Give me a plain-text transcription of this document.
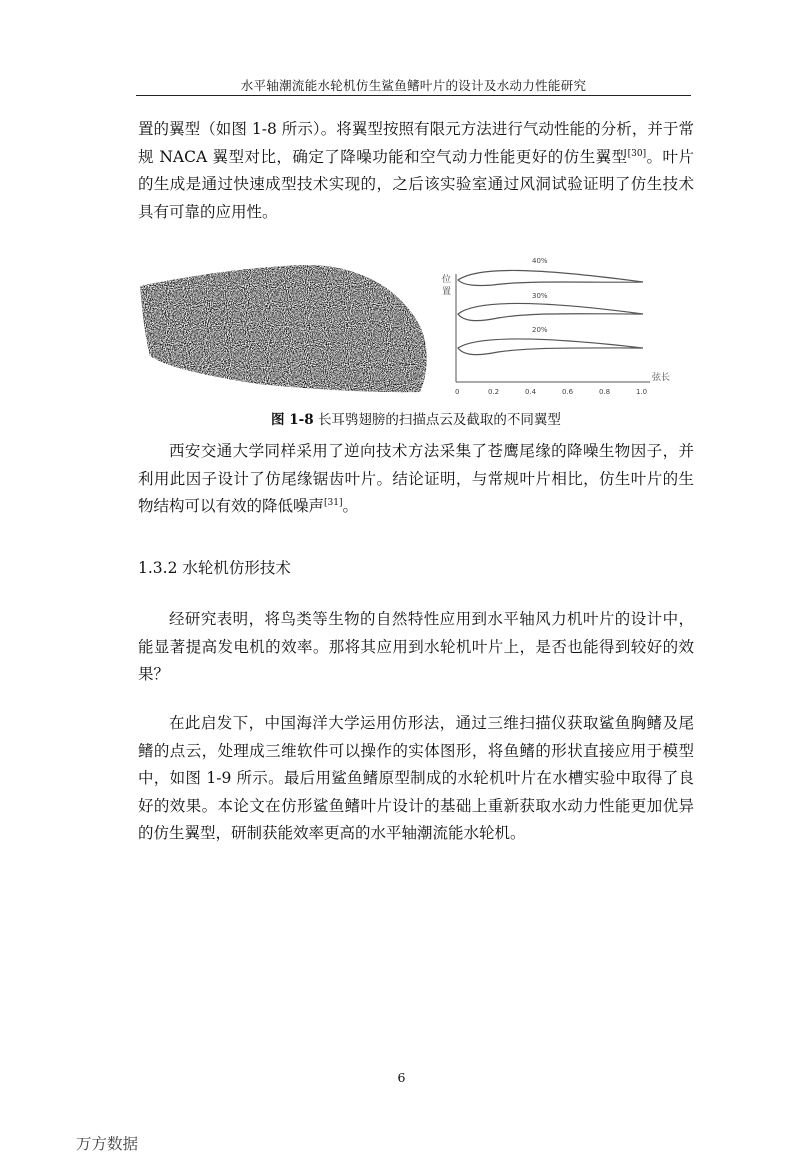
水平轴潮流能水轮机仿生鲨鱼鳍叶片的设计及水动力性能研究

置的翼型（如图 1-8 所示）。将翼型按照有限元方法进行气动性能的分析，并于常规 NACA 翼型对比，确定了降噪功能和空气动力性能更好的仿生翼型[30]。叶片的生成是通过快速成型技术实现的，之后该实验室通过风洞试验证明了仿生技术具有可靠的应用性。

位
置
弦长
40%
30%
20%
0	0.2	0.4	0.6	0.8	1.0
图 1-8 长耳鸮翅膀的扫描点云及截取的不同翼型

西安交通大学同样采用了逆向技术方法采集了苍鹰尾缘的降噪生物因子，并利用此因子设计了仿尾缘锯齿叶片。结论证明，与常规叶片相比，仿生叶片的生物结构可以有效的降低噪声[31]。

1.3.2 水轮机仿形技术

经研究表明，将鸟类等生物的自然特性应用到水平轴风力机叶片的设计中，能显著提高发电机的效率。那将其应用到水轮机叶片上，是否也能得到较好的效果？

在此启发下，中国海洋大学运用仿形法，通过三维扫描仪获取鲨鱼胸鳍及尾鳍的点云，处理成三维软件可以操作的实体图形，将鱼鳍的形状直接应用于模型中，如图 1-9 所示。最后用鲨鱼鳍原型制成的水轮机叶片在水槽实验中取得了良好的效果。本论文在仿形鲨鱼鳍叶片设计的基础上重新获取水动力性能更加优异的仿生翼型，研制获能效率更高的水平轴潮流能水轮机。

6
万方数据
